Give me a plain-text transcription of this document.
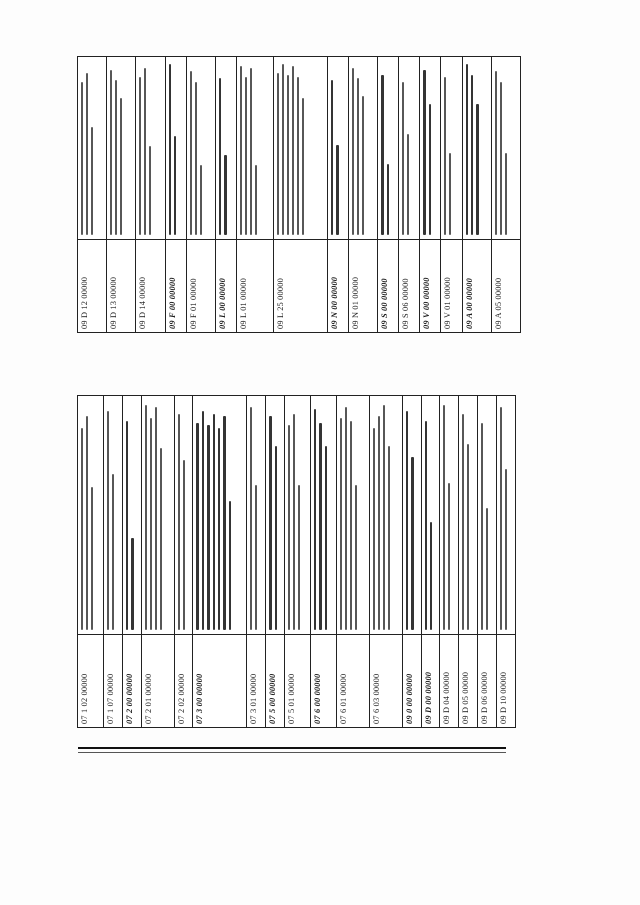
07 1 02 00000	07 1 07 00000	07 2 00 00000	07 2 01 00000	07 2 02 00000	07 3 00 00000	07 3 01 00000	07 5 00 00000	07 5 01 00000	07 6 00 00000	07 6 01 00000	07 6 03 00000	09 0 00 00000	09 D 00 00000	09 D 04 00000	09 D 05 00000	09 D 06 00000	09 D 10 00000
09 D 12 00000	09 D 13 00000	09 D 14 00000	09 F 00 00000	09 F 01 00000	09 L 00 00000	09 L 01 00000	09 L 25 00000	09 N 00 00000	09 N 01 00000	09 S 00 00000	09 S 06 00000	09 V 00 00000	09 V 01 00000	09 A 00 00000	09 A 05 00000
